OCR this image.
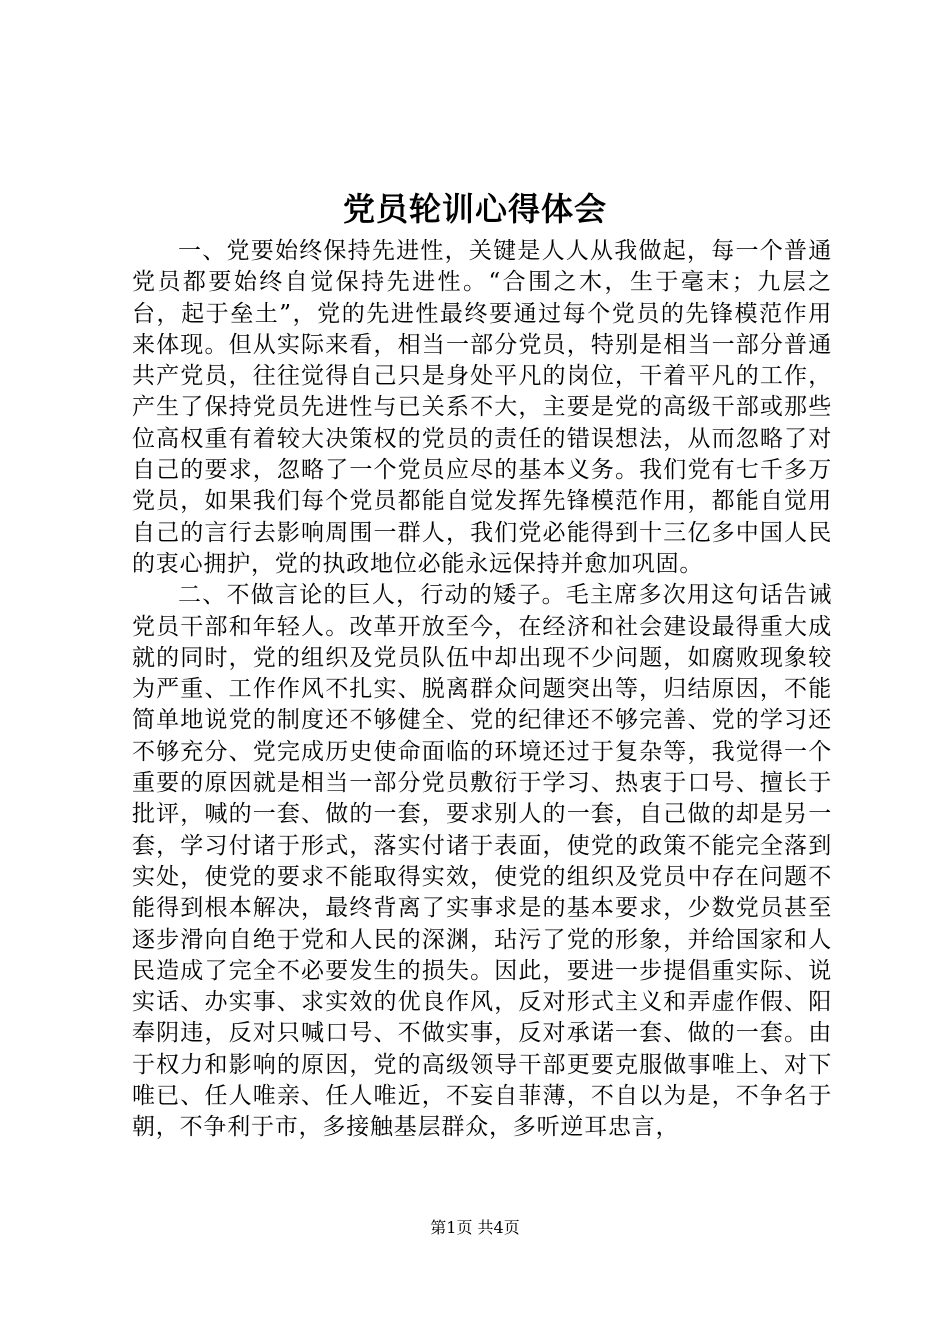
党员轮训心得体会

一、党要始终保持先进性，关键是人人从我做起，每一个普通党员都要始终自觉保持先进性。“合围之木，生于毫末；九层之台，起于垒土”，党的先进性最终要通过每个党员的先锋模范作用来体现。但从实际来看，相当一部分党员，特别是相当一部分普通共产党员，往往觉得自己只是身处平凡的岗位，干着平凡的工作，产生了保持党员先进性与已关系不大，主要是党的高级干部或那些位高权重有着较大决策权的党员的责任的错误想法，从而忽略了对自己的要求，忽略了一个党员应尽的基本义务。我们党有七千多万党员，如果我们每个党员都能自觉发挥先锋模范作用，都能自觉用自己的言行去影响周围一群人，我们党必能得到十三亿多中国人民的衷心拥护，党的执政地位必能永远保持并愈加巩固。

二、不做言论的巨人，行动的矮子。毛主席多次用这句话告诫党员干部和年轻人。改革开放至今，在经济和社会建设最得重大成就的同时，党的组织及党员队伍中却出现不少问题，如腐败现象较为严重、工作作风不扎实、脱离群众问题突出等，归结原因，不能简单地说党的制度还不够健全、党的纪律还不够完善、党的学习还不够充分、党完成历史使命面临的环境还过于复杂等，我觉得一个重要的原因就是相当一部分党员敷衍于学习、热衷于口号、擅长于批评，喊的一套、做的一套，要求别人的一套，自己做的却是另一套，学习付诸于形式，落实付诸于表面，使党的政策不能完全落到实处，使党的要求不能取得实效，使党的组织及党员中存在问题不能得到根本解决，最终背离了实事求是的基本要求，少数党员甚至逐步滑向自绝于党和人民的深渊，玷污了党的形象，并给国家和人民造成了完全不必要发生的损失。因此，要进一步提倡重实际、说实话、办实事、求实效的优良作风，反对形式主义和弄虚作假、阳奉阴违，反对只喊口号、不做实事，反对承诺一套、做的一套。由于权力和影响的原因，党的高级领导干部更要克服做事唯上、对下唯已、任人唯亲、任人唯近，不妄自菲薄，不自以为是，不争名于朝，不争利于市，多接触基层群众，多听逆耳忠言，

第1页 共4页
